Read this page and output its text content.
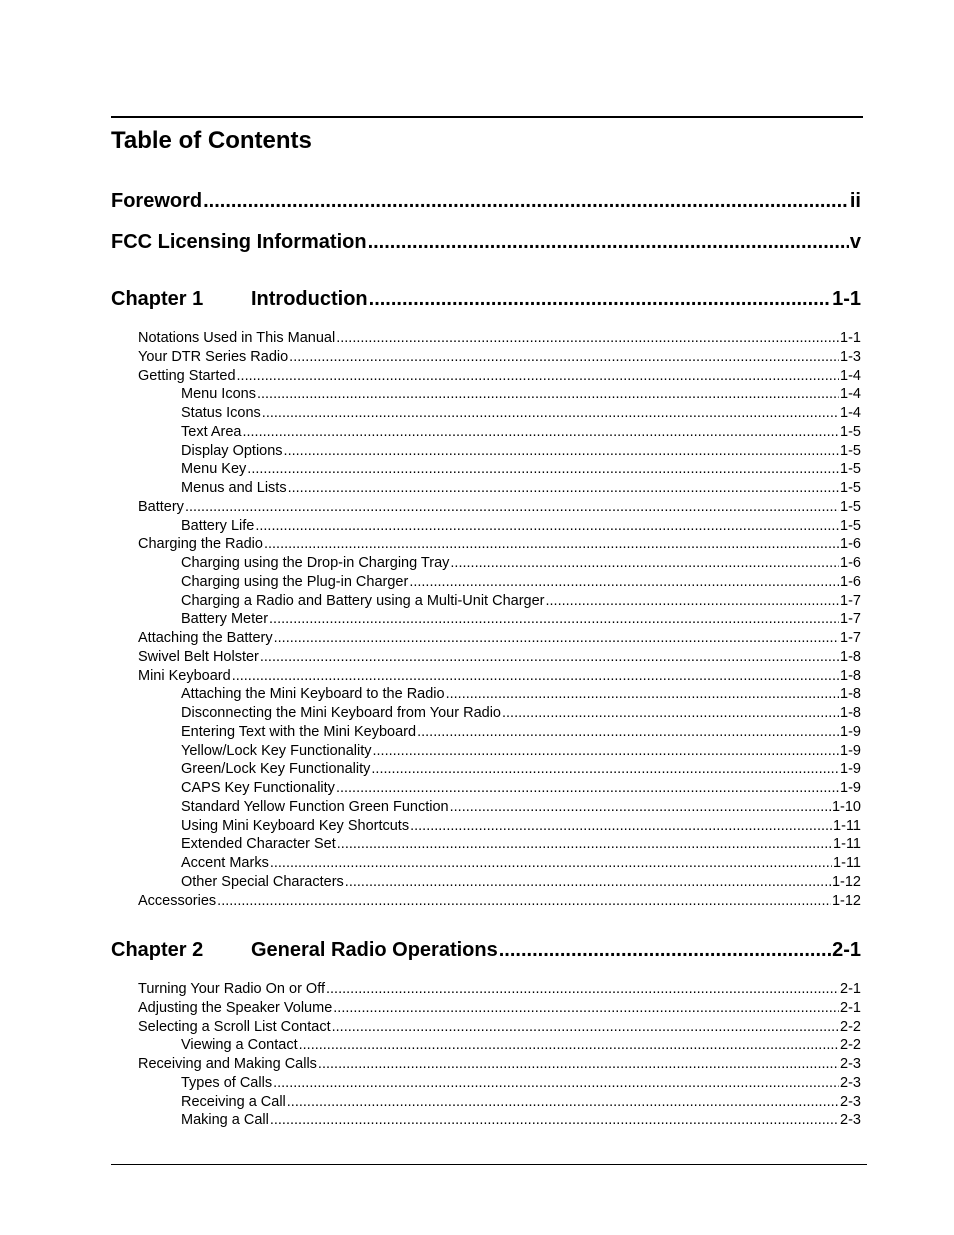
Table of Contents
Foreword .....	ii
FCC Licensing Information .....	v
Chapter 1	Introduction .....	1-1
Notations Used in This Manual .....	1-1
Your DTR Series Radio .....	1-3
Getting Started .....	1-4
Menu Icons .....	1-4
Status Icons .....	1-4
Text Area .....	1-5
Display Options .....	1-5
Menu Key .....	1-5
Menus and Lists .....	1-5
Battery .....	1-5
Battery Life .....	1-5
Charging the Radio .....	1-6
Charging using the Drop-in Charging Tray .....	1-6
Charging using the Plug-in Charger .....	1-6
Charging a Radio and Battery using a Multi-Unit Charger .....	1-7
Battery Meter .....	1-7
Attaching the Battery .....	1-7
Swivel Belt Holster .....	1-8
Mini Keyboard .....	1-8
Attaching the Mini Keyboard to the Radio .....	1-8
Disconnecting the Mini Keyboard from Your Radio .....	1-8
Entering Text with the Mini Keyboard .....	1-9
Yellow/Lock Key Functionality .....	1-9
Green/Lock Key Functionality .....	1-9
CAPS Key Functionality .....	1-9
Standard Yellow Function Green Function .....	1-10
Using Mini Keyboard Key Shortcuts .....	1-11
Extended Character Set .....	1-11
Accent Marks .....	1-11
Other Special Characters .....	1-12
Accessories .....	1-12
Chapter 2	General Radio Operations .....	2-1
Turning Your Radio On or Off .....	2-1
Adjusting the Speaker Volume .....	2-1
Selecting a Scroll List Contact .....	2-2
Viewing a Contact .....	2-2
Receiving and Making Calls .....	2-3
Types of Calls .....	2-3
Receiving a Call .....	2-3
Making a Call .....	2-3
